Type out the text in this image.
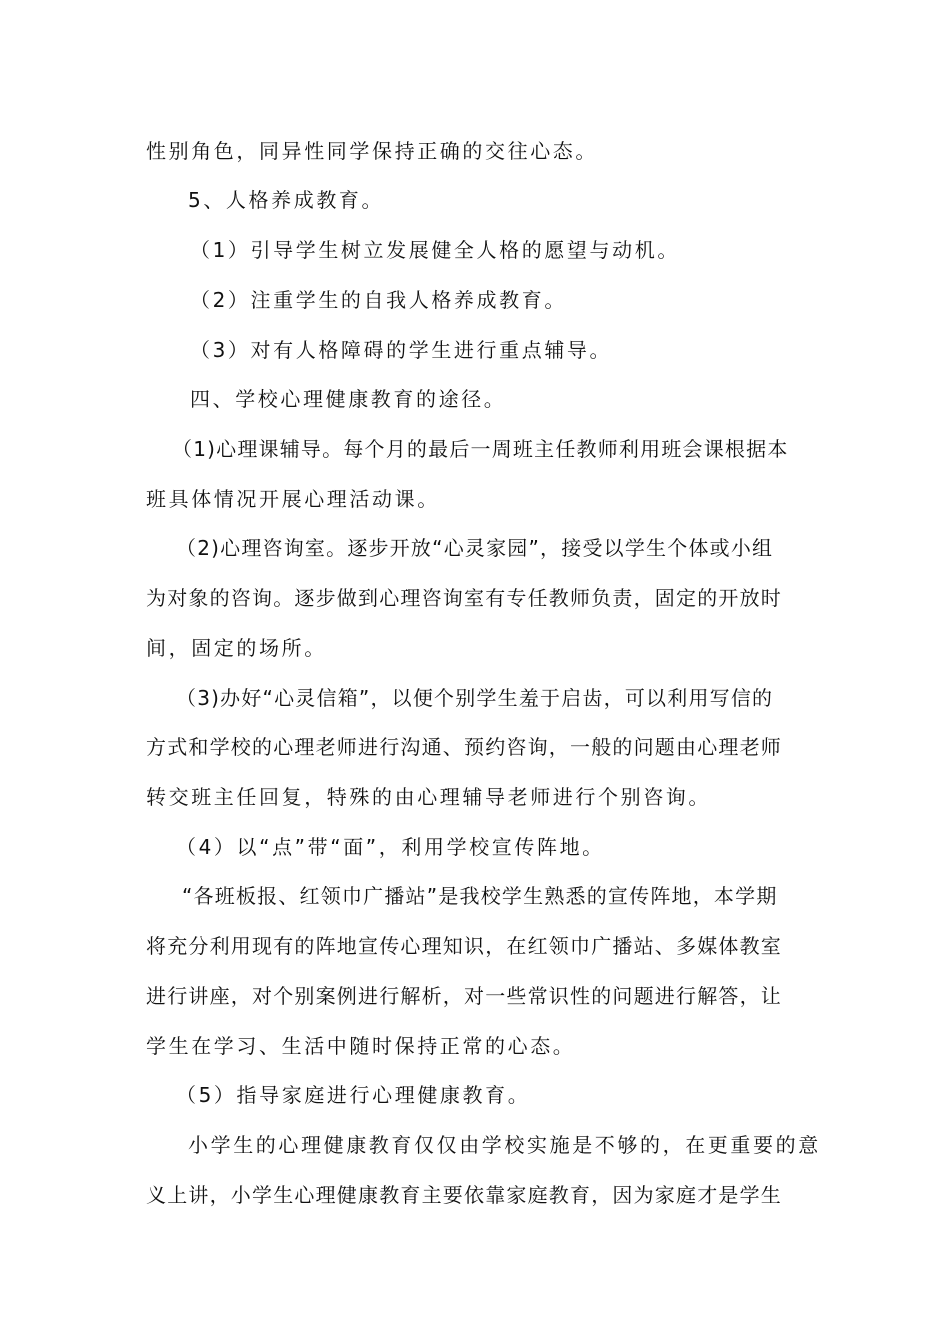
性别角色，同异性同学保持正确的交往心态。
5、人格养成教育。
（1）引导学生树立发展健全人格的愿望与动机。
（2）注重学生的自我人格养成教育。
（3）对有人格障碍的学生进行重点辅导。
四、学校心理健康教育的途径。
（1)心理课辅导。每个月的最后一周班主任教师利用班会课根据本
班具体情况开展心理活动课。
（2)心理咨询室。逐步开放“心灵家园”，接受以学生个体或小组
为对象的咨询。逐步做到心理咨询室有专任教师负责，固定的开放时
间，固定的场所。
（3)办好“心灵信箱”，以便个别学生羞于启齿，可以利用写信的
方式和学校的心理老师进行沟通、预约咨询，一般的问题由心理老师
转交班主任回复，特殊的由心理辅导老师进行个别咨询。
（4）以“点”带“面”，利用学校宣传阵地。
“各班板报、红领巾广播站”是我校学生熟悉的宣传阵地，本学期
将充分利用现有的阵地宣传心理知识，在红领巾广播站、多媒体教室
进行讲座，对个别案例进行解析，对一些常识性的问题进行解答，让
学生在学习、生活中随时保持正常的心态。
（5）指导家庭进行心理健康教育。
小学生的心理健康教育仅仅由学校实施是不够的，在更重要的意
义上讲，小学生心理健康教育主要依靠家庭教育，因为家庭才是学生
